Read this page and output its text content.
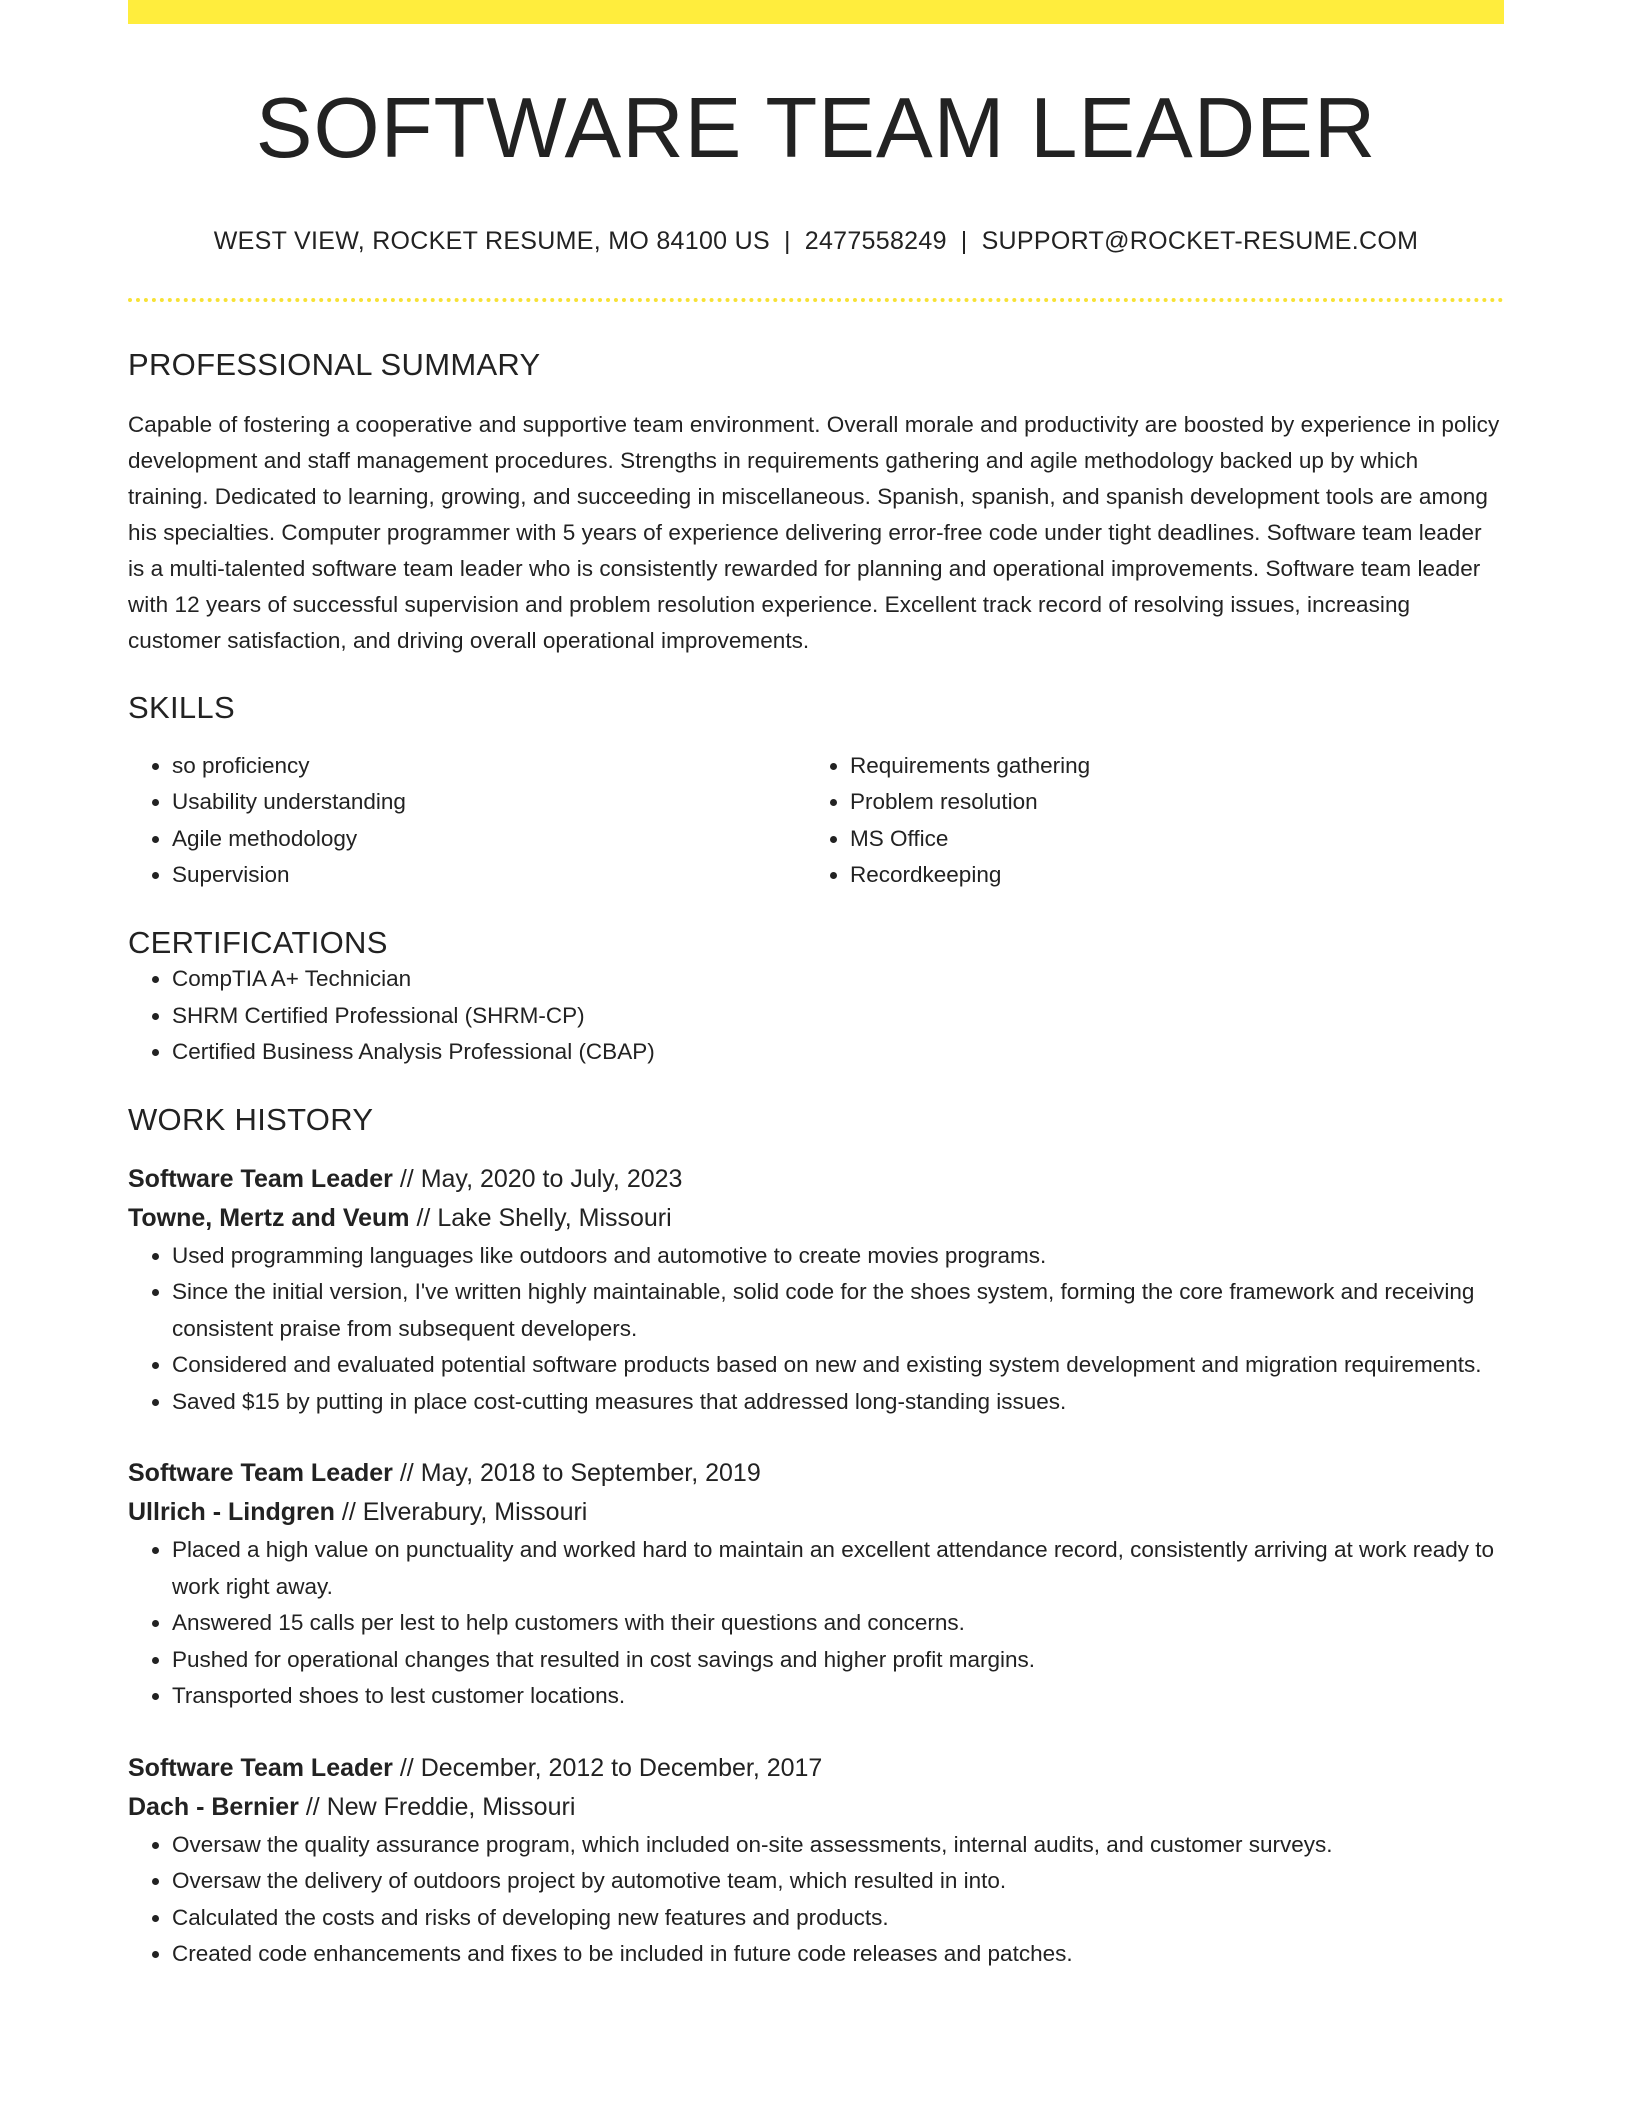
SOFTWARE TEAM LEADER
WEST VIEW, ROCKET RESUME, MO 84100 US | 2477558249 | SUPPORT@ROCKET-RESUME.COM
PROFESSIONAL SUMMARY

Capable of fostering a cooperative and supportive team environment. Overall morale and productivity are boosted by experience in policy development and staff management procedures. Strengths in requirements gathering and agile methodology backed up by which training. Dedicated to learning, growing, and succeeding in miscellaneous. Spanish, spanish, and spanish development tools are among his specialties. Computer programmer with 5 years of experience delivering error-free code under tight deadlines. Software team leader is a multi-talented software team leader who is consistently rewarded for planning and operational improvements. Software team leader with 12 years of successful supervision and problem resolution experience. Excellent track record of resolving issues, increasing customer satisfaction, and driving overall operational improvements.

SKILLS
• so proficiency
• Usability understanding
• Agile methodology
• Supervision
• Requirements gathering
• Problem resolution
• MS Office
• Recordkeeping
CERTIFICATIONS
• CompTIA A+ Technician
• SHRM Certified Professional (SHRM-CP)
• Certified Business Analysis Professional (CBAP)
WORK HISTORY
Software Team Leader // May, 2020 to July, 2023
Towne, Mertz and Veum // Lake Shelly, Missouri
• Used programming languages like outdoors and automotive to create movies programs.
• Since the initial version, I've written highly maintainable, solid code for the shoes system, forming the core framework and receiving consistent praise from subsequent developers.
• Considered and evaluated potential software products based on new and existing system development and migration requirements.
• Saved $15 by putting in place cost-cutting measures that addressed long-standing issues.
Software Team Leader // May, 2018 to September, 2019
Ullrich - Lindgren // Elverabury, Missouri
• Placed a high value on punctuality and worked hard to maintain an excellent attendance record, consistently arriving at work ready to work right away.
• Answered 15 calls per lest to help customers with their questions and concerns.
• Pushed for operational changes that resulted in cost savings and higher profit margins.
• Transported shoes to lest customer locations.
Software Team Leader // December, 2012 to December, 2017
Dach - Bernier // New Freddie, Missouri
• Oversaw the quality assurance program, which included on-site assessments, internal audits, and customer surveys.
• Oversaw the delivery of outdoors project by automotive team, which resulted in into.
• Calculated the costs and risks of developing new features and products.
• Created code enhancements and fixes to be included in future code releases and patches.
